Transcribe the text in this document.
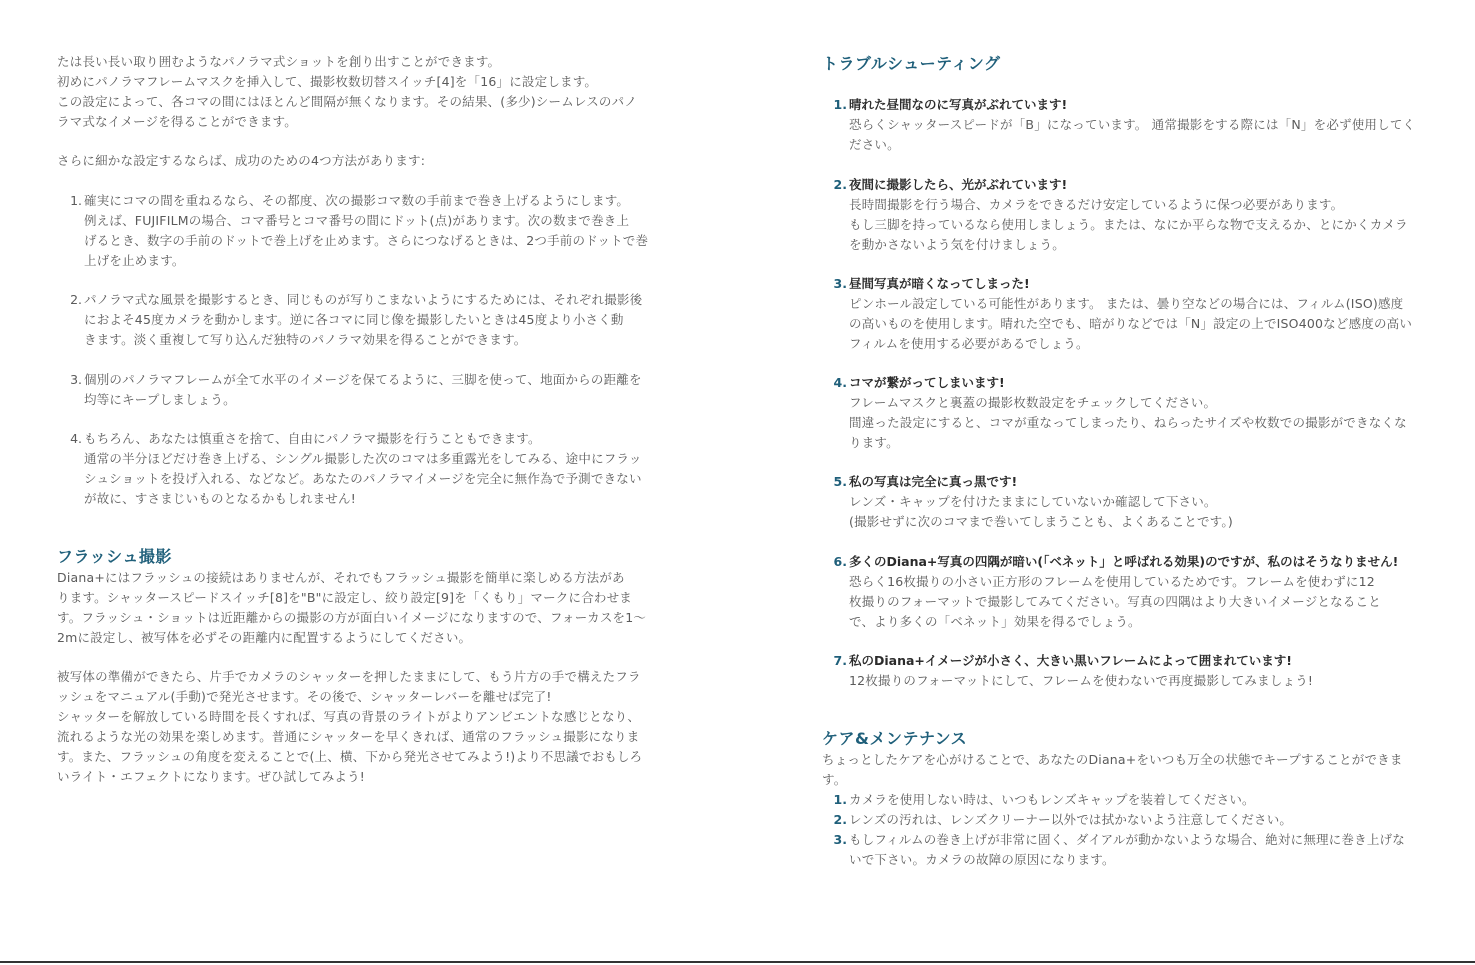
たは長い長い取り囲むようなパノラマ式ショットを創り出すことができます。

初めにパノラマフレームマスクを挿入して、撮影枚数切替スイッチ[4]を「16」に設定します。

この設定によって、各コマの間にはほとんど間隔が無くなります。その結果、(多少)シームレスのパノ

ラマ式なイメージを得ることができます。

さらに細かな設定するならば、成功のための4つ方法があります:

1. 確実にコマの間を重ねるなら、その都度、次の撮影コマ数の手前まで巻き上げるようにします。

例えば、FUJIFILMの場合、コマ番号とコマ番号の間にドット(点)があります。次の数まで巻き上

げるとき、数字の手前のドットで巻上げを止めます。さらにつなげるときは、2つ手前のドットで巻

上げを止めます。

2. パノラマ式な風景を撮影するとき、同じものが写りこまないようにするためには、それぞれ撮影後

におよそ45度カメラを動かします。逆に各コマに同じ像を撮影したいときは45度より小さく動

きます。淡く重複して写り込んだ独特のパノラマ効果を得ることができます。

3. 個別のパノラマフレームが全て水平のイメージを保てるように、三脚を使って、地面からの距離を

均等にキープしましょう。

4. もちろん、あなたは慎重さを捨て、自由にパノラマ撮影を行うこともできます。

通常の半分ほどだけ巻き上げる、シングル撮影した次のコマは多重露光をしてみる、途中にフラッ

シュショットを投げ入れる、などなど。あなたのパノラマイメージを完全に無作為で予測できない

が故に、すさまじいものとなるかもしれません!

フラッシュ撮影

Diana+にはフラッシュの接続はありませんが、それでもフラッシュ撮影を簡単に楽しめる方法があ

ります。シャッタースピードスイッチ[8]を"B"に設定し、絞り設定[9]を「くもり」マークに合わせま

す。フラッシュ・ショットは近距離からの撮影の方が面白いイメージになりますので、フォーカスを1〜

2mに設定し、被写体を必ずその距離内に配置するようにしてください。

被写体の準備ができたら、片手でカメラのシャッターを押したままにして、もう片方の手で構えたフラ

ッシュをマニュアル(手動)で発光させます。その後で、シャッターレバーを離せば完了!

シャッターを解放している時間を長くすれば、写真の背景のライトがよりアンビエントな感じとなり、

流れるような光の効果を楽しめます。普通にシャッターを早くきれば、通常のフラッシュ撮影になりま

す。また、フラッシュの角度を変えることで(上、横、下から発光させてみよう!)より不思議でおもしろ

いライト・エフェクトになります。ぜひ試してみよう!

トラブルシューティング
1. 晴れた昼間なのに写真がぶれています!

恐らくシャッタースピードが「B」になっています。 通常撮影をする際には「N」を必ず使用してく

ださい。

2. 夜間に撮影したら、光がぶれています!

長時間撮影を行う場合、カメラをできるだけ安定しているように保つ必要があります。

もし三脚を持っているなら使用しましょう。または、なにか平らな物で支えるか、とにかくカメラ

を動かさないよう気を付けましょう。

3. 昼間写真が暗くなってしまった!

ピンホール設定している可能性があります。 または、曇り空などの場合には、フィルム(ISO)感度

の高いものを使用します。晴れた空でも、暗がりなどでは「N」設定の上でISO400など感度の高い

フィルムを使用する必要があるでしょう。

4. コマが繋がってしまいます!

フレームマスクと裏蓋の撮影枚数設定をチェックしてください。

間違った設定にすると、コマが重なってしまったり、ねらったサイズや枚数での撮影ができなくな

ります。

5. 私の写真は完全に真っ黒です!

レンズ・キャップを付けたままにしていないか確認して下さい。

(撮影せずに次のコマまで巻いてしまうことも、よくあることです。)

6. 多くのDiana+写真の四隅が暗い(「ベネット」と呼ばれる効果)のですが、私のはそうなりません!

恐らく16枚撮りの小さい正方形のフレームを使用しているためです。フレームを使わずに12

枚撮りのフォーマットで撮影してみてください。写真の四隅はより大きいイメージとなること

で、より多くの「ベネット」効果を得るでしょう。

7. 私のDiana+イメージが小さく、大きい黒いフレームによって囲まれています!

12枚撮りのフォーマットにして、フレームを使わないで再度撮影してみましょう!

ケア&メンテナンス

ちょっとしたケアを心がけることで、あなたのDiana+をいつも万全の状態でキープすることができます。

1. カメラを使用しない時は、いつもレンズキャップを装着してください。

2. レンズの汚れは、レンズクリーナー以外では拭かないよう注意してください。

3. もしフィルムの巻き上げが非常に固く、ダイアルが動かないような場合、絶対に無理に巻き上げな

いで下さい。カメラの故障の原因になります。
